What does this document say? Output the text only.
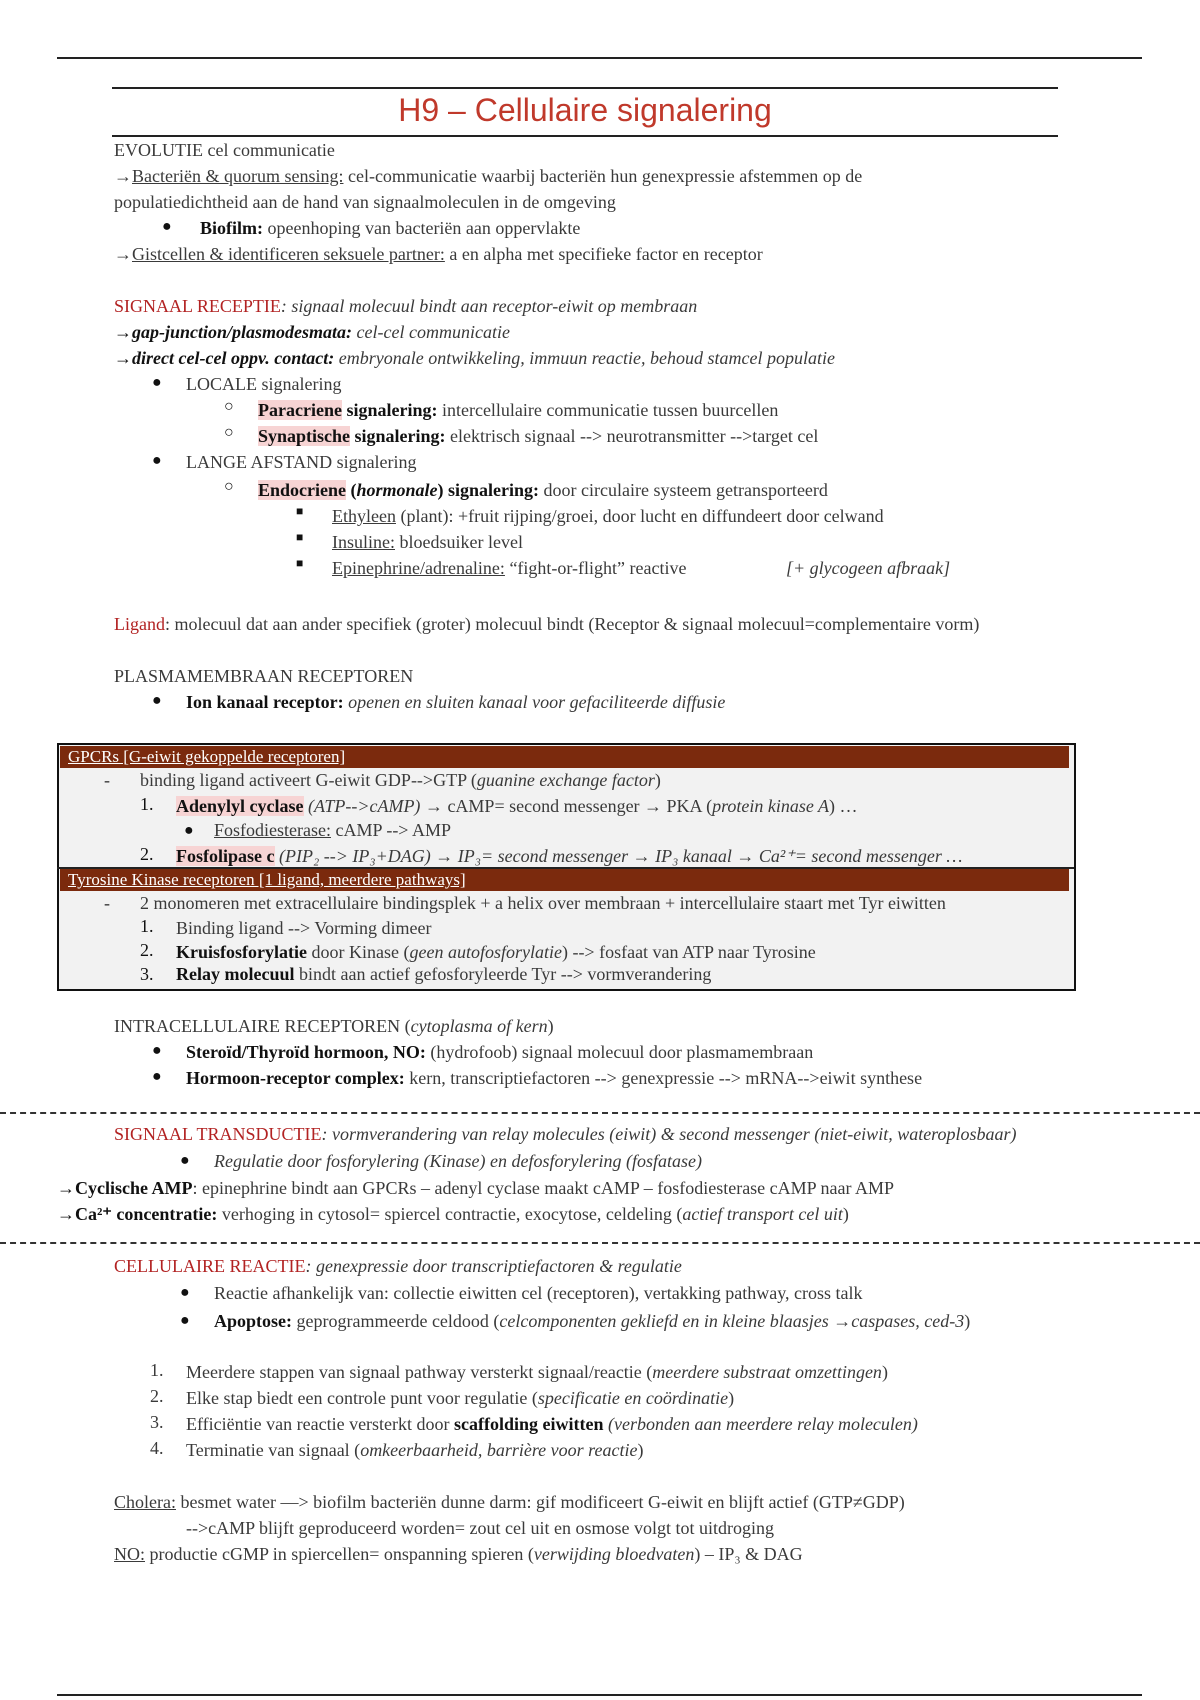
H9 – Cellulaire signalering
EVOLUTIE cel communicatie
→Bacteriën & quorum sensing: cel-communicatie waarbij bacteriën hun genexpressie afstemmen op de
populatiedichtheid aan de hand van signaalmoleculen in de omgeving
● Biofilm: opeenhoping van bacteriën aan oppervlakte
→Gistcellen & identificeren seksuele partner: a en alpha met specifieke factor en receptor
SIGNAAL RECEPTIE: signaal molecuul bindt aan receptor-eiwit op membraan
→gap-junction/plasmodesmata: cel-cel communicatie
→direct cel-cel oppv. contact: embryonale ontwikkeling, immuun reactie, behoud stamcel populatie
● LOCALE signalering
○ Paracriene signalering: intercellulaire communicatie tussen buurcellen
○ Synaptische signalering: elektrisch signaal --> neurotransmitter -->target cel
● LANGE AFSTAND signalering
○ Endocriene (hormonale) signalering: door circulaire systeem getransporteerd
■ Ethyleen (plant): +fruit rijping/groei, door lucht en diffundeert door celwand
■ Insuline: bloedsuiker level
■ Epinephrine/adrenaline: “fight-or-flight” reactive	[+ glycogeen afbraak]
Ligand: molecuul dat aan ander specifiek (groter) molecuul bindt (Receptor & signaal molecuul=complementaire vorm)
PLASMAMEMBRAAN RECEPTOREN
● Ion kanaal receptor: openen en sluiten kanaal voor gefaciliteerde diffusie
GPCRs [G-eiwit gekoppelde receptoren]
- binding ligand activeert G-eiwit GDP-->GTP (guanine exchange factor)
1. Adenylyl cyclase (ATP-->cAMP) → cAMP= second messenger → PKA (protein kinase A) …
● Fosfodiesterase: cAMP --> AMP
2. Fosfolipase c (PIP₂ --> IP₃+DAG) → IP₃= second messenger → IP₃ kanaal → Ca²⁺= second messenger …
Tyrosine Kinase receptoren [1 ligand, meerdere pathways]
- 2 monomeren met extracellulaire bindingsplek + a helix over membraan + intercellulaire staart met Tyr eiwitten
1. Binding ligand --> Vorming dimeer
2. Kruisfosforylatie door Kinase (geen autofosforylatie) --> fosfaat van ATP naar Tyrosine
3. Relay molecuul bindt aan actief gefosforyleerde Tyr --> vormverandering
INTRACELLULAIRE RECEPTOREN (cytoplasma of kern)
● Steroïd/Thyroïd hormoon, NO: (hydrofoob) signaal molecuul door plasmamembraan
● Hormoon-receptor complex: kern, transcriptiefactoren --> genexpressie --> mRNA-->eiwit synthese
SIGNAAL TRANSDUCTIE: vormverandering van relay molecules (eiwit) & second messenger (niet-eiwit, wateroplosbaar)
● Regulatie door fosforylering (Kinase) en defosforylering (fosfatase)
→Cyclische AMP: epinephrine bindt aan GPCRs – adenyl cyclase maakt cAMP – fosfodiesterase cAMP naar AMP
→Ca²⁺ concentratie: verhoging in cytosol= spiercel contractie, exocytose, celdeling (actief transport cel uit)
CELLULAIRE REACTIE: genexpressie door transcriptiefactoren & regulatie
● Reactie afhankelijk van: collectie eiwitten cel (receptoren), vertakking pathway, cross talk
● Apoptose: geprogrammeerde celdood (celcomponenten gekliefd en in kleine blaasjes →caspases, ced-3)
1. Meerdere stappen van signaal pathway versterkt signaal/reactie (meerdere substraat omzettingen)
2. Elke stap biedt een controle punt voor regulatie (specificatie en coördinatie)
3. Efficiëntie van reactie versterkt door scaffolding eiwitten (verbonden aan meerdere relay moleculen)
4. Terminatie van signaal (omkeerbaarheid, barrière voor reactie)
Cholera: besmet water —> biofilm bacteriën dunne darm: gif modificeert G-eiwit en blijft actief (GTP≠GDP)
-->cAMP blijft geproduceerd worden= zout cel uit en osmose volgt tot uitdroging
NO: productie cGMP in spiercellen= onspanning spieren (verwijding bloedvaten) – IP₃ & DAG
